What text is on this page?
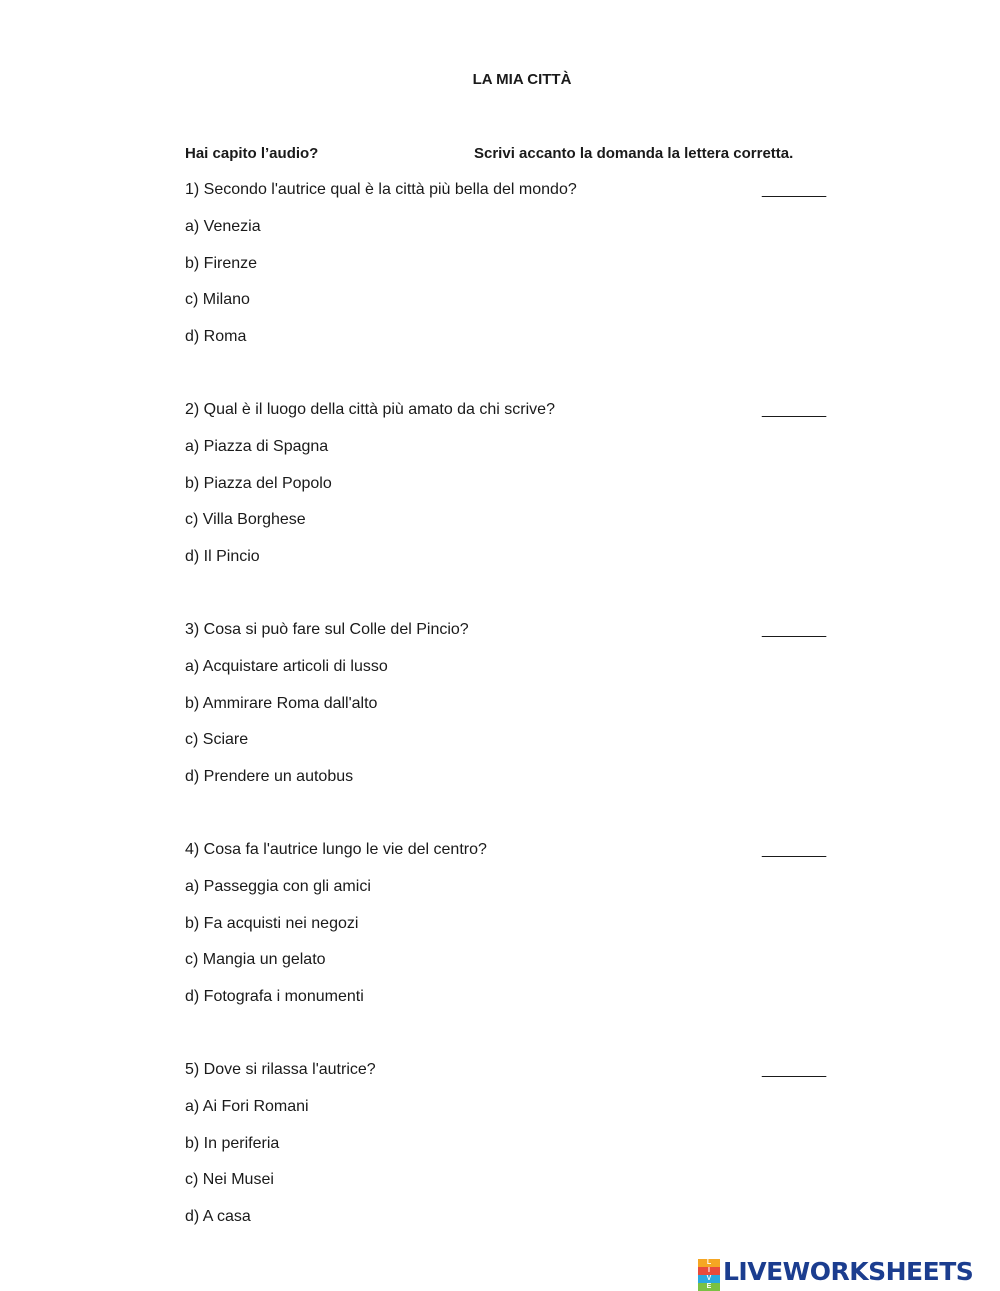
LA MIA CITTÀ
Hai capito l’audio?	Scrivi accanto la domanda la lettera corretta.
1) Secondo l'autrice qual è la città più bella del mondo?	________
a) Venezia
b) Firenze
c) Milano
d) Roma
2) Qual è il luogo della città più amato da chi scrive?	________
a) Piazza di Spagna
b) Piazza del Popolo
c) Villa Borghese
d) Il Pincio
3) Cosa si può fare sul Colle del Pincio?	________
a) Acquistare articoli di lusso
b) Ammirare Roma dall'alto
c) Sciare
d) Prendere un autobus
4) Cosa fa l'autrice lungo le vie del centro?	________
a) Passeggia con gli amici
b) Fa acquisti nei negozi
c) Mangia un gelato
d) Fotografa i monumenti
5) Dove si rilassa l'autrice?	________
a) Ai Fori Romani
b) In periferia
c) Nei Musei
d) A casa
L
I
V
E
LIVEWORKSHEETS
